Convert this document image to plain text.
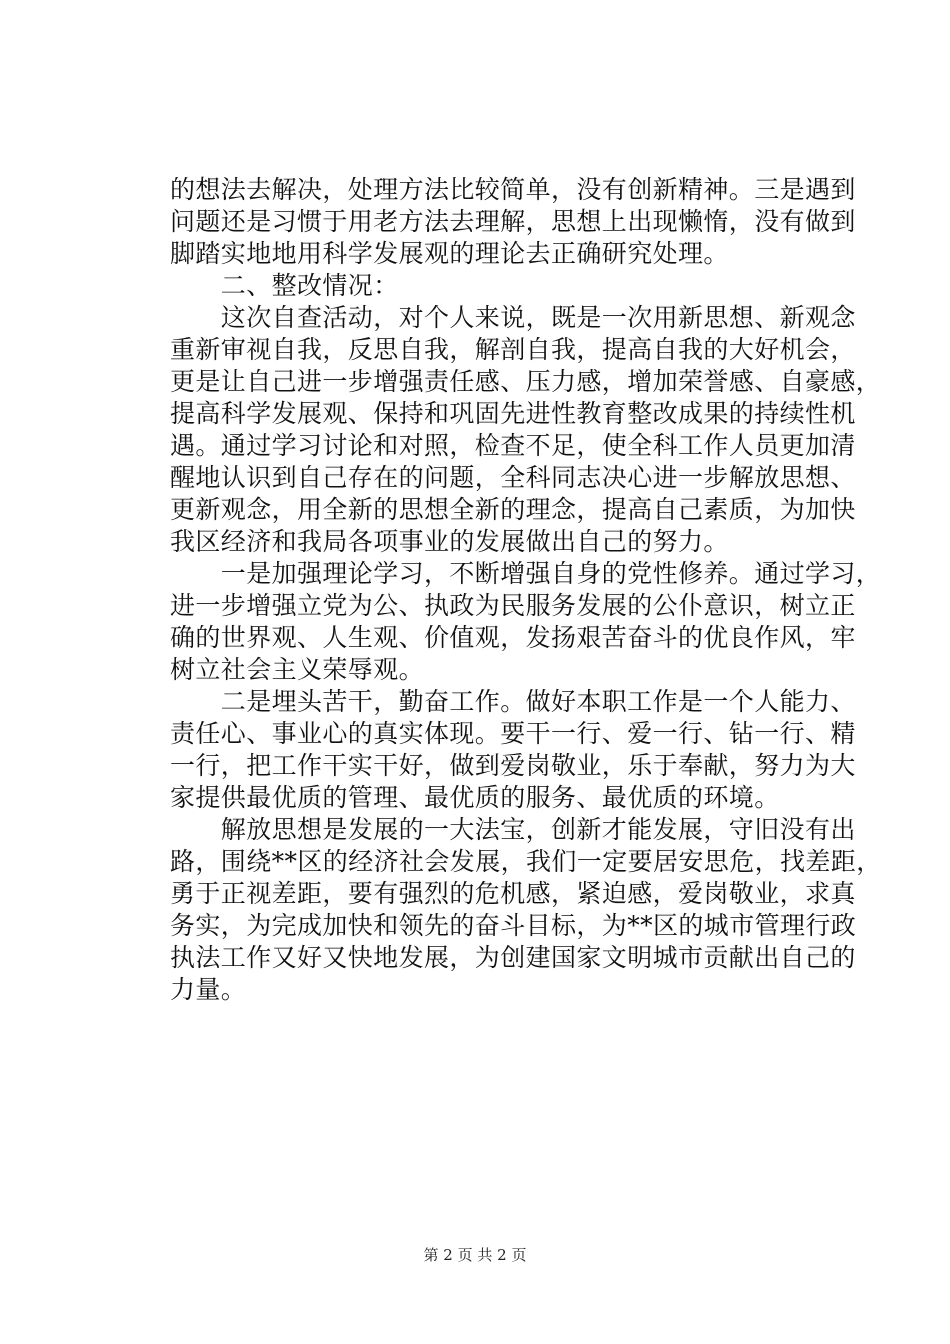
的想法去解决，处理方法比较简单，没有创新精神。三是遇到
问题还是习惯于用老方法去理解，思想上出现懒惰，没有做到
脚踏实地地用科学发展观的理论去正确研究处理。
　　二、整改情况：
　　这次自查活动，对个人来说，既是一次用新思想、新观念
重新审视自我，反思自我，解剖自我，提高自我的大好机会，
更是让自己进一步增强责任感、压力感，增加荣誉感、自豪感，
提高科学发展观、保持和巩固先进性教育整改成果的持续性机
遇。通过学习讨论和对照，检查不足，使全科工作人员更加清
醒地认识到自己存在的问题，全科同志决心进一步解放思想、
更新观念，用全新的思想全新的理念，提高自己素质，为加快
我区经济和我局各项事业的发展做出自己的努力。
　　一是加强理论学习，不断增强自身的党性修养。通过学习，
进一步增强立党为公、执政为民服务发展的公仆意识，树立正
确的世界观、人生观、价值观，发扬艰苦奋斗的优良作风，牢
树立社会主义荣辱观。
　　二是埋头苦干，勤奋工作。做好本职工作是一个人能力、
责任心、事业心的真实体现。要干一行、爱一行、钻一行、精
一行，把工作干实干好，做到爱岗敬业，乐于奉献，努力为大
家提供最优质的管理、最优质的服务、最优质的环境。
　　解放思想是发展的一大法宝，创新才能发展，守旧没有出
路，围绕**区的经济社会发展，我们一定要居安思危，找差距，
勇于正视差距，要有强烈的危机感，紧迫感，爱岗敬业，求真
务实，为完成加快和领先的奋斗目标，为**区的城市管理行政
执法工作又好又快地发展，为创建国家文明城市贡献出自己的
力量。
第 2 页 共 2 页
